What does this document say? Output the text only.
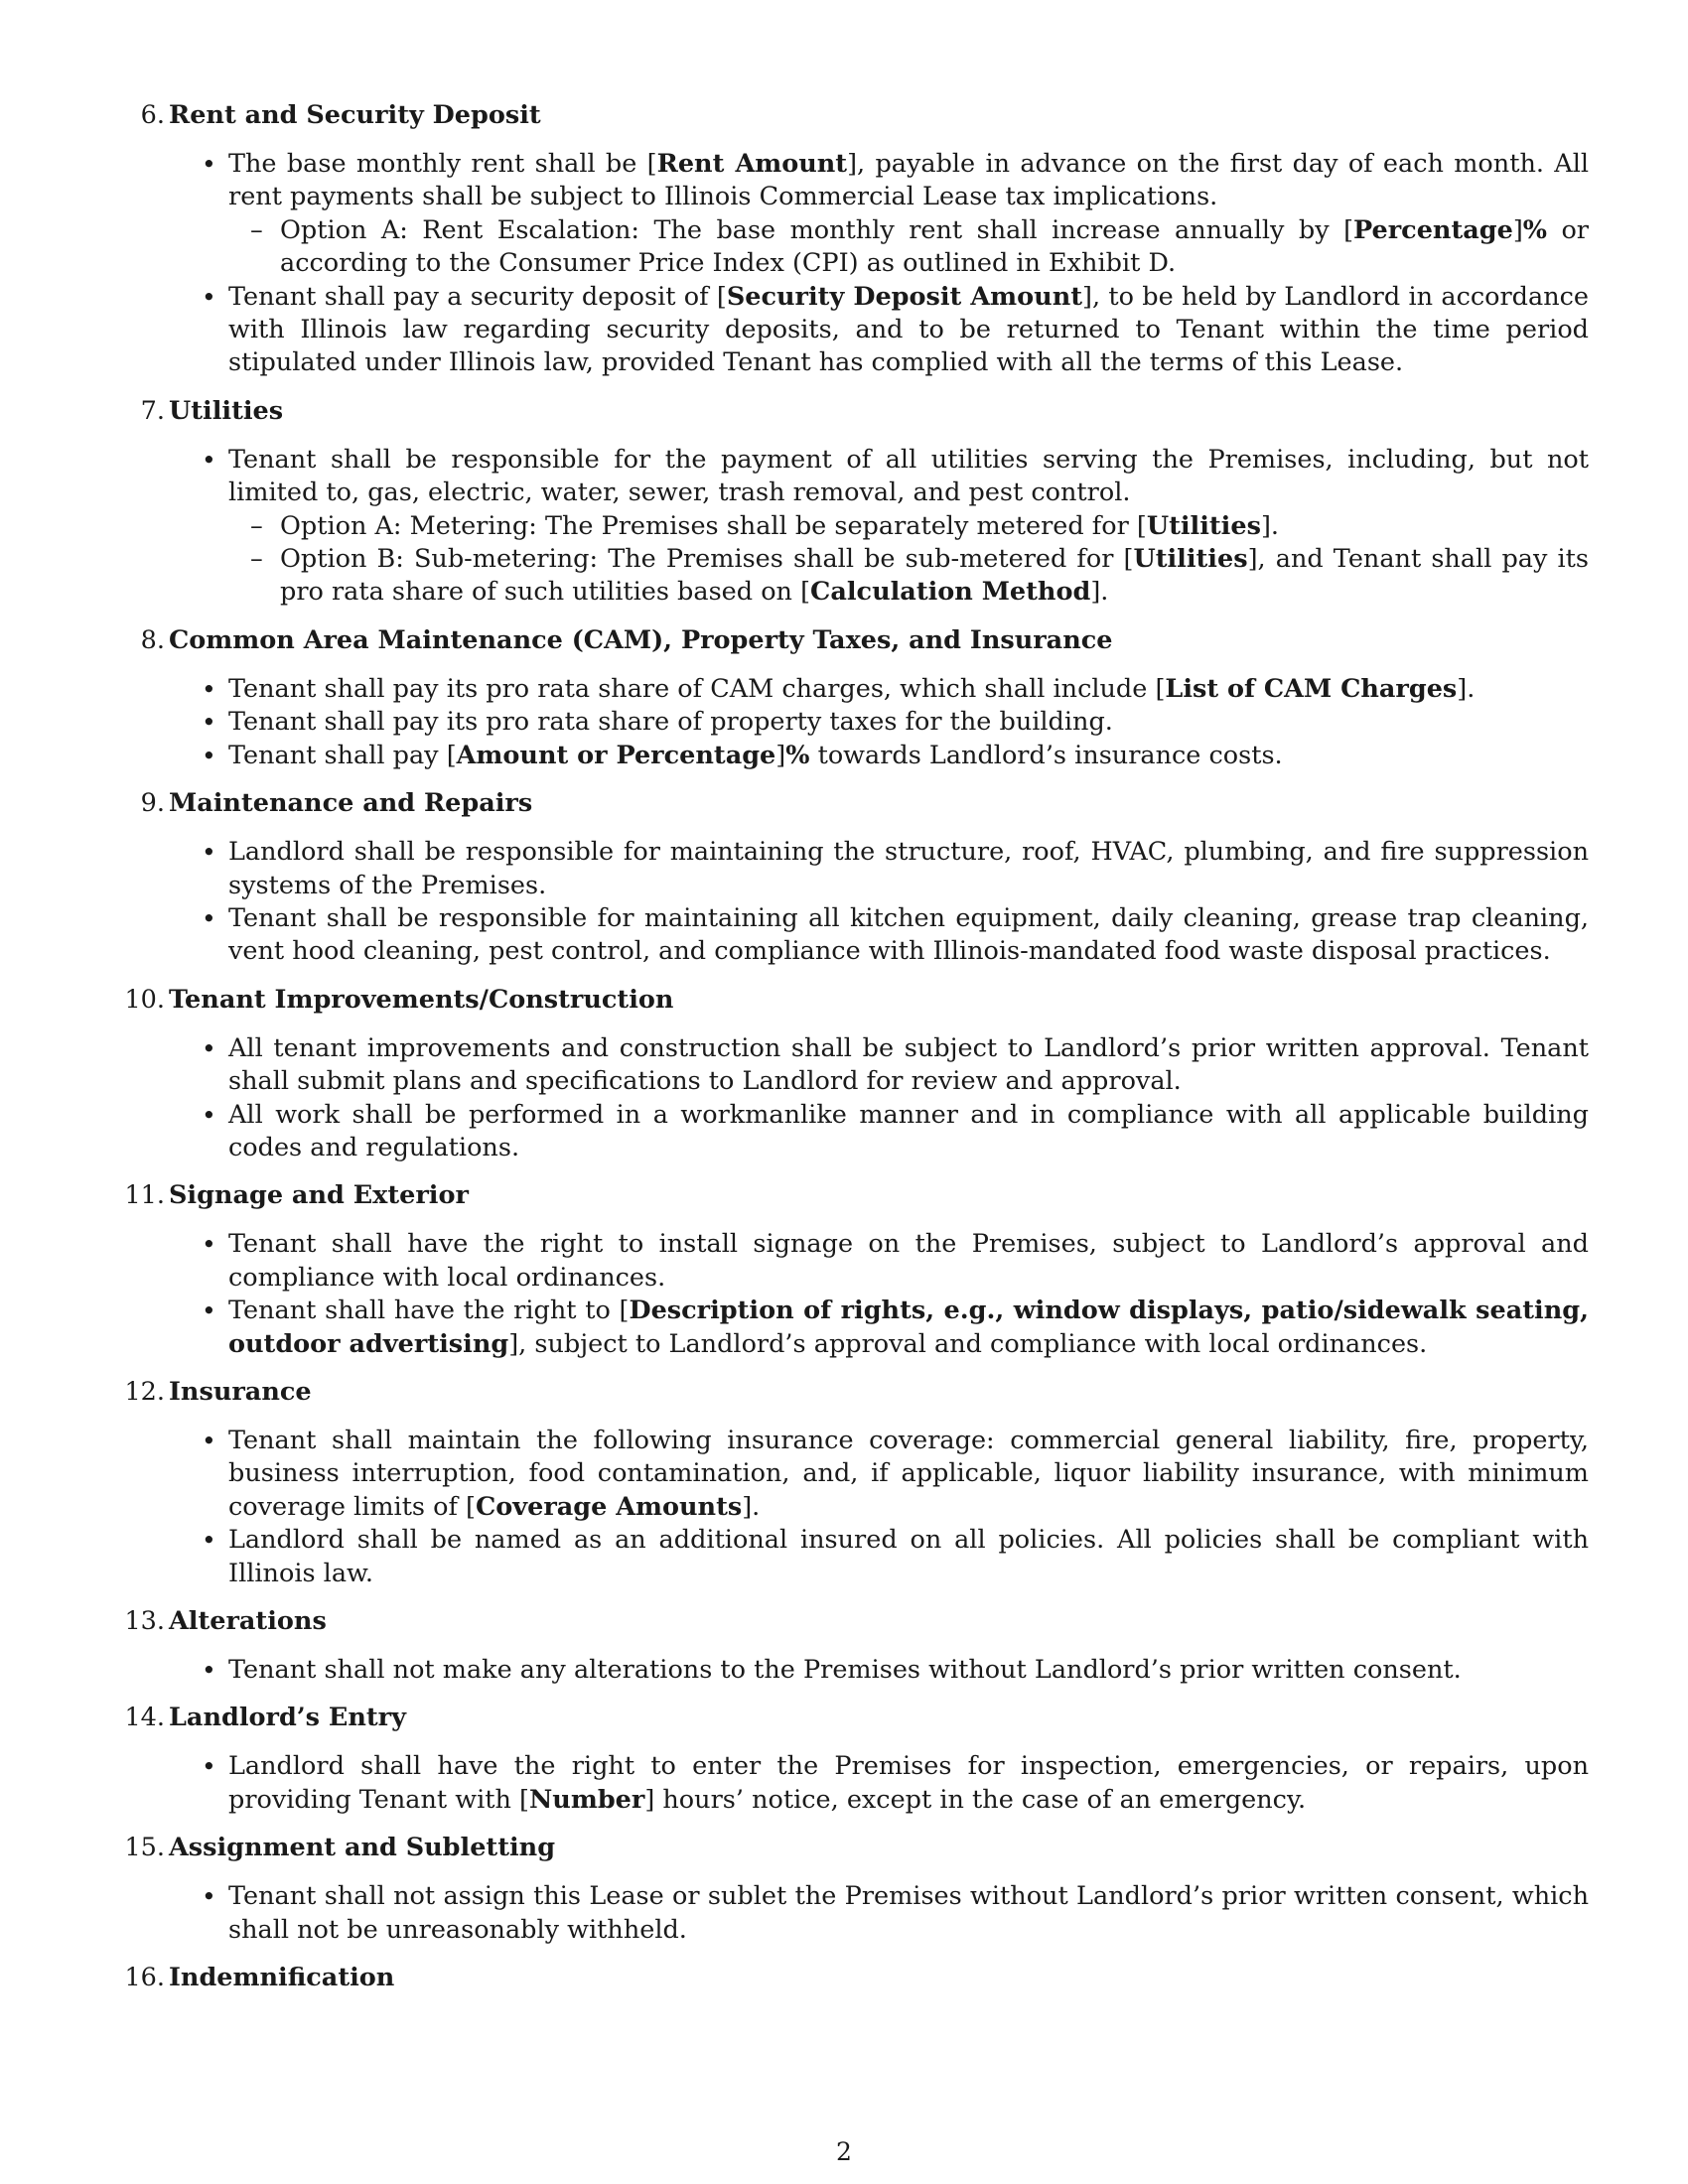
6. Rent and Security Deposit
• The base monthly rent shall be [Rent Amount], payable in advance on the first day of each month. All rent payments shall be subject to Illinois Commercial Lease tax implications.
– Option A: Rent Escalation: The base monthly rent shall increase annually by [Percentage]% or according to the Consumer Price Index (CPI) as outlined in Exhibit D.
• Tenant shall pay a security deposit of [Security Deposit Amount], to be held by Landlord in accordance with Illinois law regarding security deposits, and to be returned to Tenant within the time period stipulated under Illinois law, provided Tenant has complied with all the terms of this Lease.
7. Utilities
• Tenant shall be responsible for the payment of all utilities serving the Premises, including, but not limited to, gas, electric, water, sewer, trash removal, and pest control.
– Option A: Metering: The Premises shall be separately metered for [Utilities].
– Option B: Sub-metering: The Premises shall be sub-metered for [Utilities], and Tenant shall pay its pro rata share of such utilities based on [Calculation Method].
8. Common Area Maintenance (CAM), Property Taxes, and Insurance
• Tenant shall pay its pro rata share of CAM charges, which shall include [List of CAM Charges].
• Tenant shall pay its pro rata share of property taxes for the building.
• Tenant shall pay [Amount or Percentage]% towards Landlord’s insurance costs.
9. Maintenance and Repairs
• Landlord shall be responsible for maintaining the structure, roof, HVAC, plumbing, and fire suppression systems of the Premises.
• Tenant shall be responsible for maintaining all kitchen equipment, daily cleaning, grease trap cleaning, vent hood cleaning, pest control, and compliance with Illinois-mandated food waste disposal practices.
10. Tenant Improvements/Construction
• All tenant improvements and construction shall be subject to Landlord’s prior written approval. Tenant shall submit plans and specifications to Landlord for review and approval.
• All work shall be performed in a workmanlike manner and in compliance with all applicable building codes and regulations.
11. Signage and Exterior
• Tenant shall have the right to install signage on the Premises, subject to Landlord’s approval and compliance with local ordinances.
• Tenant shall have the right to [Description of rights, e.g., window displays, patio/sidewalk seating, outdoor advertising], subject to Landlord’s approval and compliance with local ordinances.
12. Insurance
• Tenant shall maintain the following insurance coverage: commercial general liability, fire, property, business interruption, food contamination, and, if applicable, liquor liability insurance, with minimum coverage limits of [Coverage Amounts].
• Landlord shall be named as an additional insured on all policies. All policies shall be compliant with Illinois law.
13. Alterations
• Tenant shall not make any alterations to the Premises without Landlord’s prior written consent.
14. Landlord’s Entry
• Landlord shall have the right to enter the Premises for inspection, emergencies, or repairs, upon providing Tenant with [Number] hours’ notice, except in the case of an emergency.
15. Assignment and Subletting
• Tenant shall not assign this Lease or sublet the Premises without Landlord’s prior written consent, which shall not be unreasonably withheld.
16. Indemnification
2
